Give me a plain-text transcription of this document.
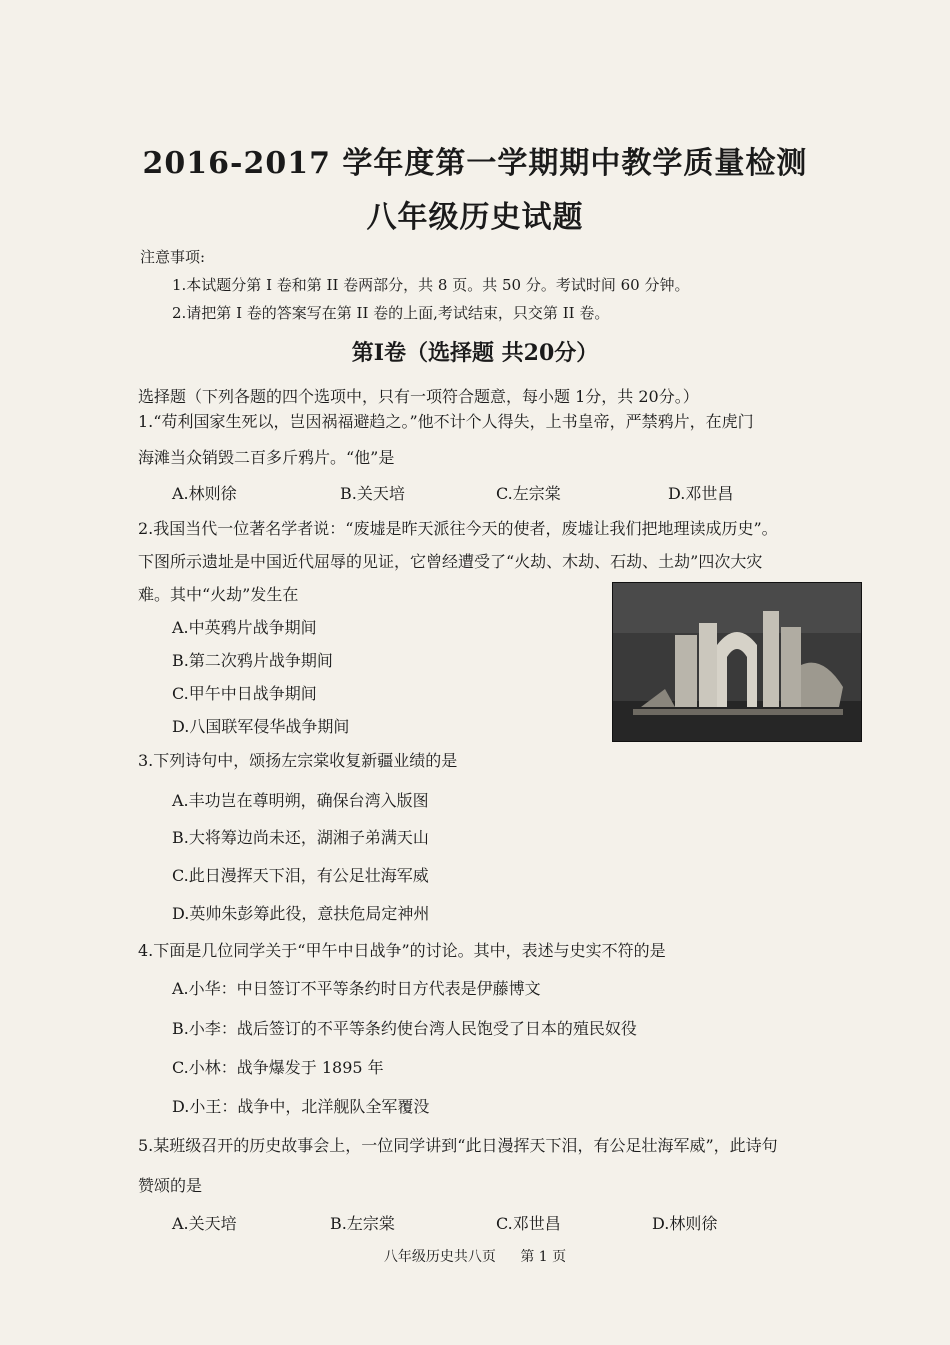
2016-2017 学年度第一学期期中教学质量检测
八年级历史试题
注意事项:
1.本试题分第 I 卷和第 II 卷两部分，共 8 页。共 50 分。考试时间 60 分钟。
2.请把第 I 卷的答案写在第 II 卷的上面,考试结束，只交第 II 卷。
第I卷（选择题 共20分）
选择题（下列各题的四个选项中，只有一项符合题意，每小题 1分，共 20分。）
1.“苟利国家生死以，岂因祸福避趋之。”他不计个人得失，上书皇帝，严禁鸦片，在虎门
海滩当众销毁二百多斤鸦片。“他”是
A.林则徐	B.关天培	C.左宗棠	D.邓世昌
2.我国当代一位著名学者说：“废墟是昨天派往今天的使者，废墟让我们把地理读成历史”。
下图所示遗址是中国近代屈辱的见证，它曾经遭受了“火劫、木劫、石劫、土劫”四次大灾
难。其中“火劫”发生在
A.中英鸦片战争期间
B.第二次鸦片战争期间
C.甲午中日战争期间
D.八国联军侵华战争期间
3.下列诗句中，颂扬左宗棠收复新疆业绩的是
A.丰功岂在尊明朔，确保台湾入版图
B.大将筹边尚未还，湖湘子弟满天山
C.此日漫挥天下泪，有公足壮海军威
D.英帅朱彭筹此役，意扶危局定神州
4.下面是几位同学关于“甲午中日战争”的讨论。其中，表述与史实不符的是
A.小华：中日签订不平等条约时日方代表是伊藤博文
B.小李：战后签订的不平等条约使台湾人民饱受了日本的殖民奴役
C.小林：战争爆发于 1895 年
D.小王：战争中，北洋舰队全军覆没
5.某班级召开的历史故事会上，一位同学讲到“此日漫挥天下泪，有公足壮海军威”，此诗句
赞颂的是
A.关天培	B.左宗棠	C.邓世昌	D.林则徐
八年级历史共八页 第 1 页
